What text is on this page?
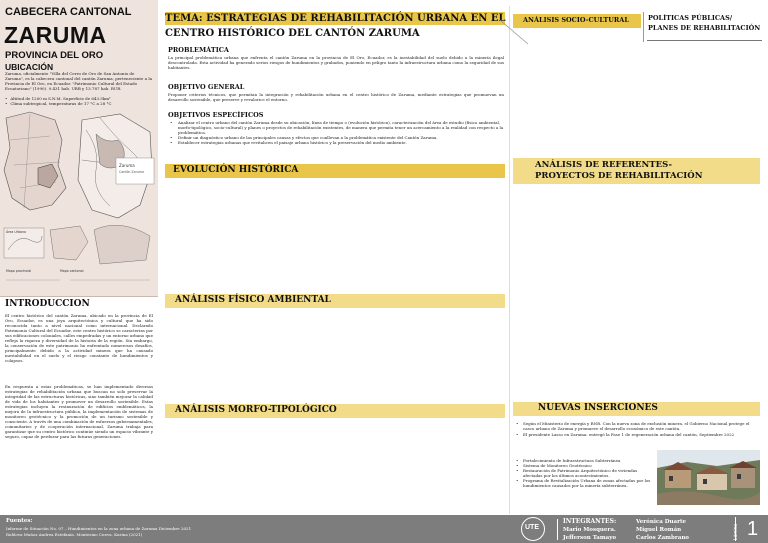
CABECERA CANTONAL
ZARUMA
PROVINCIA DEL ORO
UBICACIÓN
Zaruma, oficialmente "Villa del Cerro de Oro de San Antonio de Zaruma", es la cabecera cantonal del cantón Zaruma, perteneciente a la Provincia de El Oro, en Ecuador. "Patrimonio Cultural del Estado Ecuatoriano" (1990). 9.431 hab. URB y 13.787 hab. RUR.
• Altitud de 1200 m S.N.M. Superficie de 643.5km²
• Clima subtropical, temperaturas de 17 °C a 28 °C
Zaruma
Cantón Zaruma
Área Urbano
Mapa provincial	Mapa cantonal
INTRODUCCION
El centro histórico del cantón Zaruma, ubicado en la provincia de El Oro, Ecuador, es una joya arquitectónica y cultural que ha sido reconocida tanto a nivel nacional como internacional. Declarado Patrimonio Cultural del Ecuador, este centro histórico se caracteriza por sus edificaciones coloniales, calles empedradas y un entorno urbano que refleja la riqueza y diversidad de la historia de la región. Sin embargo, la conservación de este patrimonio ha enfrentado numerosos desafíos, principalmente debido a la actividad minera que ha causado inestabilidad en el suelo y el riesgo constante de hundimientos y colapsos.
En respuesta a estas problemáticas, se han implementado diversas estrategias de rehabilitación urbana que buscan no solo preservar la integridad de las estructuras históricas, sino también mejorar la calidad de vida de los habitantes y promover un desarrollo sostenible. Estas estrategias incluyen la restauración de edificios emblemáticos, la mejora de la infraestructura pública, la implementación de sistemas de monitoreo geotécnico y la promoción de un turismo sostenible y consciente. A través de una combinación de esfuerzos gubernamentales, comunitarios y de cooperación internacional, Zaruma trabaja para garantizar que su centro histórico continúe siendo un espacio vibrante y seguro, capaz de perdurar para las futuras generaciones.
TEMA: ESTRATEGIAS DE REHABILITACIÓN URBANA EN EL
CENTRO HISTÓRICO DEL CANTÓN ZARUMA
PROBLEMÁTICA
La principal problemática urbana que enfrenta el cantón Zaruma en la provincia de El Oro, Ecuador, es la inestabilidad del suelo debido a la minería ilegal descontrolada. Esta actividad ha generado serios riesgos de hundimientos y grabados, poniendo en peligro tanto la infraestructura urbana como la seguridad de sus habitantes.
OBJETIVO GENERAL
Proponer criterios técnicos, que permitan la integración y rehabilitación urbana en el centro histórico de Zaruma, mediante estrategias que promuevan un desarrollo sostenible, que preserve y revalorice el entorno.
OBJETIVOS ESPECÍFICOS
• Analizar el centro urbano del cantón Zaruma desde su ubicación, línea de tiempo o (evolución histórica), caracterización del área de estudio (físico ambiental, morfo-tipológico, socio-cultural) y planes o proyectos de rehabilitación existentes, de manera que permita tener un acercamiento a la realidad con respecto a la problemática.
• Definir un diagnóstico urbano de las principales causas y efectos que conllevan a la problemática existente del Cantón Zaruma.
• Establecer estrategias urbanas que revitalicen el paisaje urbano histórico y la preservación del medio ambiente.
EVOLUCIÓN HISTÓRICA
ANÁLISIS FÍSICO AMBIENTAL
ANÁLISIS MORFO-TIPOLÓGICO
ANÁLISIS SOCIO-CULTURAL	POLÍTICAS PÚBLICAS/
PLANES DE REHABILITACIÓN
ANÁLISIS DE REFERENTES-
PROYECTOS DE REHABILITACIÓN
NUEVAS INSERCIONES
• Según el Ministerio de energía y RNR. Con la nueva zona de exclusión minera, el Gobierno Nacional protege el casco urbano de Zaruma y promueve el desarrollo económico de este cantón.
• El presidente Lasso en Zaruma: entregó la Fase 1 de regeneración urbana del cantón, Septiembre 2022
• Fortalecimiento de Infraestructura Subterránea
• Sistema de Monitoreo Geotécnico
• Restauración de Patrimonio Arquitectónico de viviendas afectadas por los últimos acontecimientos.
• Programa de Revitalización Urbana de zonas afectadas por los hundimientos causados por la minería subterránea.
Fuentes:
Informe de Situación No. 07 – Hundimientos en la zona urbana de Zaruma Diciembre 2021
Rublova Muñoz Andrea Estefanía. Montesino Cueva, Karina (2021)
UTE
INTEGRANTES:
Mario Mosquera.
Jefferson Tamayo
Verónica Duarte
Miguel Román
Carlos Zambrano	Lámina 1
